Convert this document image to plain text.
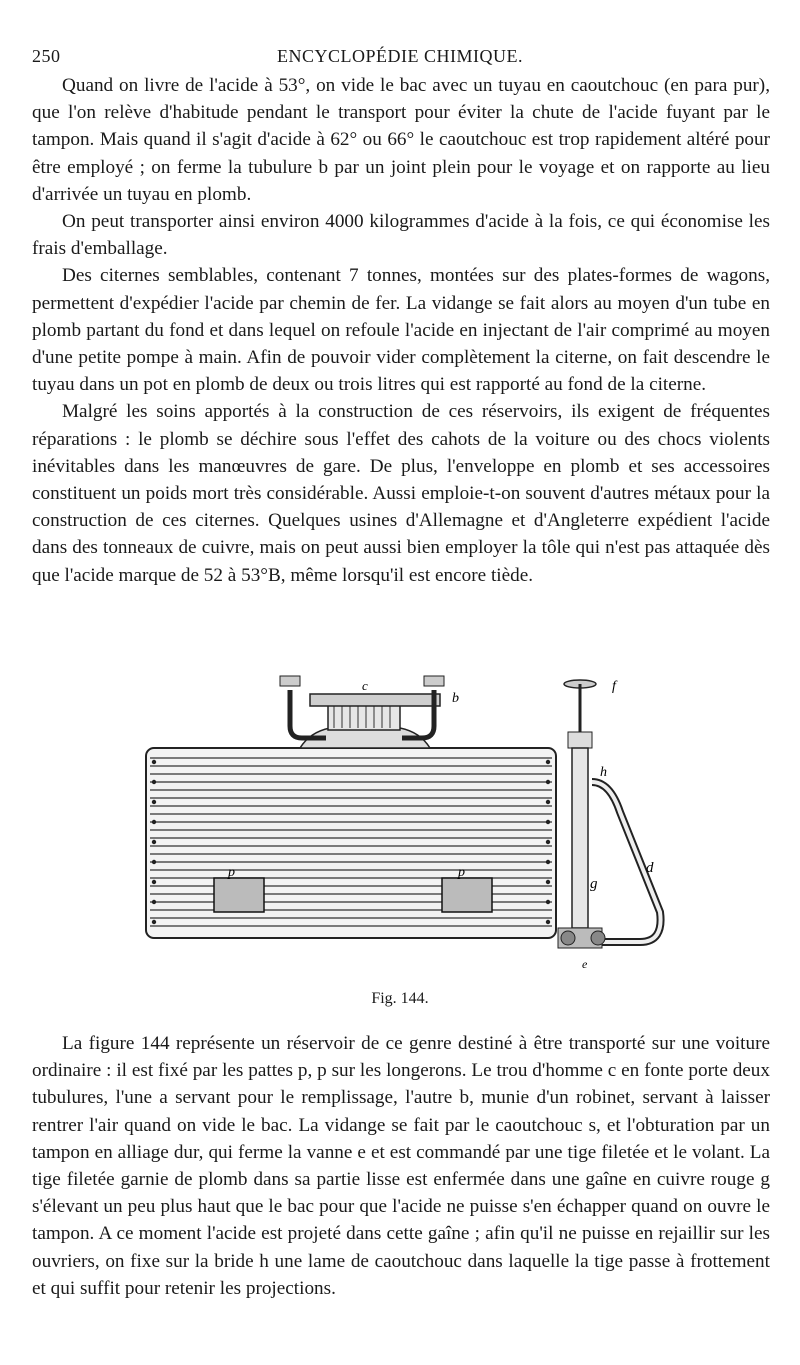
250	ENCYCLOPÉDIE CHIMIQUE.

Quand on livre de l'acide à 53°, on vide le bac avec un tuyau en caoutchouc (en para pur), que l'on relève d'habitude pendant le transport pour éviter la chute de l'acide fuyant par le tampon. Mais quand il s'agit d'acide à 62° ou 66° le caoutchouc est trop rapidement altéré pour être employé ; on ferme la tubulure b par un joint plein pour le voyage et on rapporte au lieu d'arrivée un tuyau en plomb.

On peut transporter ainsi environ 4000 kilogrammes d'acide à la fois, ce qui économise les frais d'emballage.

Des citernes semblables, contenant 7 tonnes, montées sur des plates-formes de wagons, permettent d'expédier l'acide par chemin de fer. La vidange se fait alors au moyen d'un tube en plomb partant du fond et dans lequel on refoule l'acide en injectant de l'air comprimé au moyen d'une petite pompe à main. Afin de pouvoir vider complètement la citerne, on fait descendre le tuyau dans un pot en plomb de deux ou trois litres qui est rapporté au fond de la citerne.

Malgré les soins apportés à la construction de ces réservoirs, ils exigent de fréquentes réparations : le plomb se déchire sous l'effet des cahots de la voiture ou des chocs violents inévitables dans les manœuvres de gare. De plus, l'enveloppe en plomb et ses accessoires constituent un poids mort très considérable. Aussi emploie-t-on souvent d'autres métaux pour la construction de ces citernes. Quelques usines d'Allemagne et d'Angleterre expédient l'acide dans des tonneaux de cuivre, mais on peut aussi bien employer la tôle qui n'est pas attaquée dès que l'acide marque de 52 à 53°B, même lorsqu'il est encore tiède.

p	p
c
b
f
h
g
d
e
Fig. 144.

La figure 144 représente un réservoir de ce genre destiné à être transporté sur une voiture ordinaire : il est fixé par les pattes p, p sur les longerons. Le trou d'homme c en fonte porte deux tubulures, l'une a servant pour le remplissage, l'autre b, munie d'un robinet, servant à laisser rentrer l'air quand on vide le bac. La vidange se fait par le caoutchouc s, et l'obturation par un tampon en alliage dur, qui ferme la vanne e et est commandé par une tige filetée et le volant. La tige filetée garnie de plomb dans sa partie lisse est enfermée dans une gaîne en cuivre rouge g s'élevant un peu plus haut que le bac pour que l'acide ne puisse s'en échapper quand on ouvre le tampon. A ce moment l'acide est projeté dans cette gaîne ; afin qu'il ne puisse en rejaillir sur les ouvriers, on fixe sur la bride h une lame de caoutchouc dans laquelle la tige passe à frottement et qui suffit pour retenir les projections.
